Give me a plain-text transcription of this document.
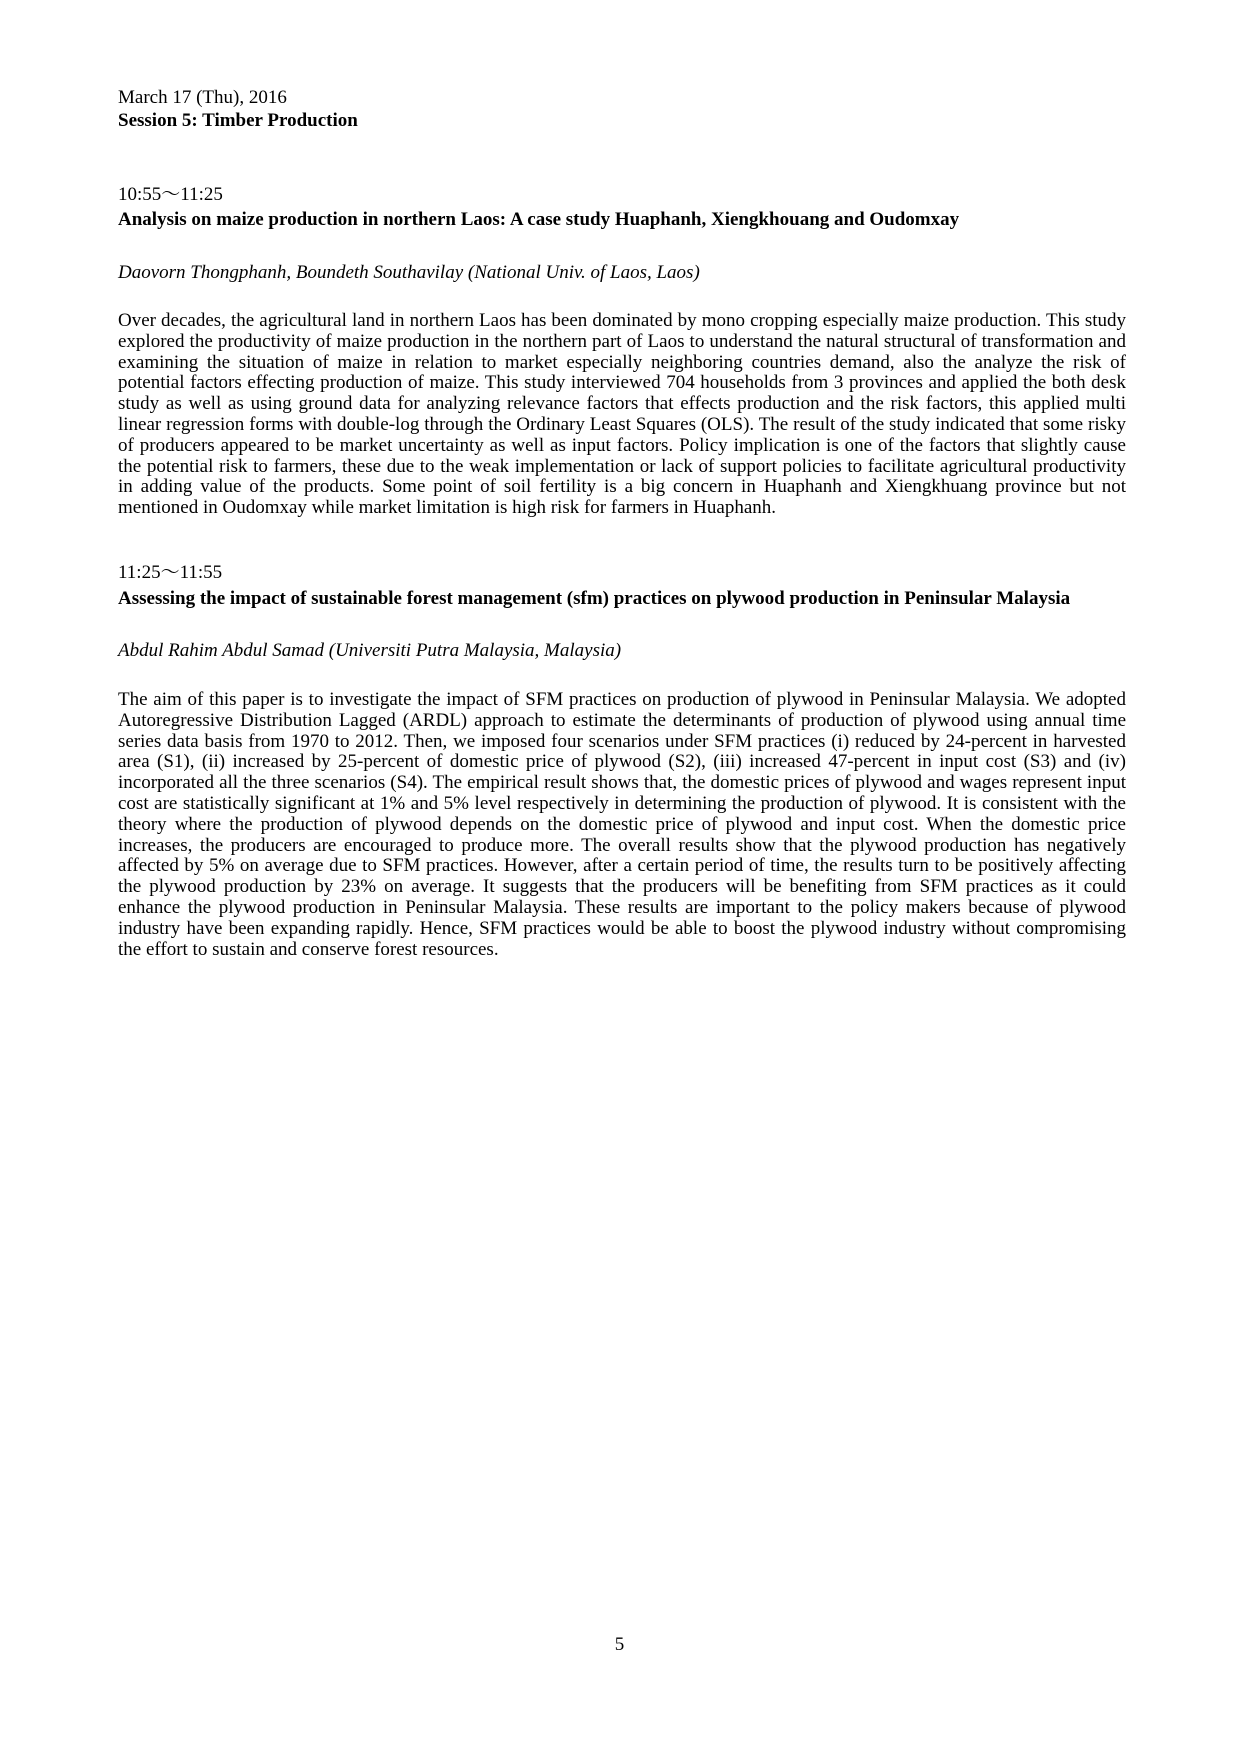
March 17 (Thu), 2016

Session 5: Timber Production

10:55〜11:25

Analysis on maize production in northern Laos: A case study Huaphanh, Xiengkhouang and Oudomxay

Daovorn Thongphanh, Boundeth Southavilay (National Univ. of Laos, Laos)

Over decades, the agricultural land in northern Laos has been dominated by mono cropping especially maize production. This study explored the productivity of maize production in the northern part of Laos to understand the natural structural of transformation and examining the situation of maize in relation to market especially neighboring countries demand, also the analyze the risk of potential factors effecting production of maize. This study interviewed 704 households from 3 provinces and applied the both desk study as well as using ground data for analyzing relevance factors that effects production and the risk factors, this applied multi linear regression forms with double-log through the Ordinary Least Squares (OLS). The result of the study indicated that some risky of producers appeared to be market uncertainty as well as input factors. Policy implication is one of the factors that slightly cause the potential risk to farmers, these due to the weak implementation or lack of support policies to facilitate agricultural productivity in adding value of the products. Some point of soil fertility is a big concern in Huaphanh and Xiengkhuang province but not mentioned in Oudomxay while market limitation is high risk for farmers in Huaphanh.

11:25〜11:55

Assessing the impact of sustainable forest management (sfm) practices on plywood production in Peninsular Malaysia

Abdul Rahim Abdul Samad (Universiti Putra Malaysia, Malaysia)

The aim of this paper is to investigate the impact of SFM practices on production of plywood in Peninsular Malaysia. We adopted Autoregressive Distribution Lagged (ARDL) approach to estimate the determinants of production of plywood using annual time series data basis from 1970 to 2012. Then, we imposed four scenarios under SFM practices (i) reduced by 24-percent in harvested area (S1), (ii) increased by 25-percent of domestic price of plywood (S2), (iii) increased 47-percent in input cost (S3) and (iv) incorporated all the three scenarios (S4). The empirical result shows that, the domestic prices of plywood and wages represent input cost are statistically significant at 1% and 5% level respectively in determining the production of plywood. It is consistent with the theory where the production of plywood depends on the domestic price of plywood and input cost. When the domestic price increases, the producers are encouraged to produce more. The overall results show that the plywood production has negatively affected by 5% on average due to SFM practices. However, after a certain period of time, the results turn to be positively affecting the plywood production by 23% on average. It suggests that the producers will be benefiting from SFM practices as it could enhance the plywood production in Peninsular Malaysia. These results are important to the policy makers because of plywood industry have been expanding rapidly. Hence, SFM practices would be able to boost the plywood industry without compromising the effort to sustain and conserve forest resources.

5
